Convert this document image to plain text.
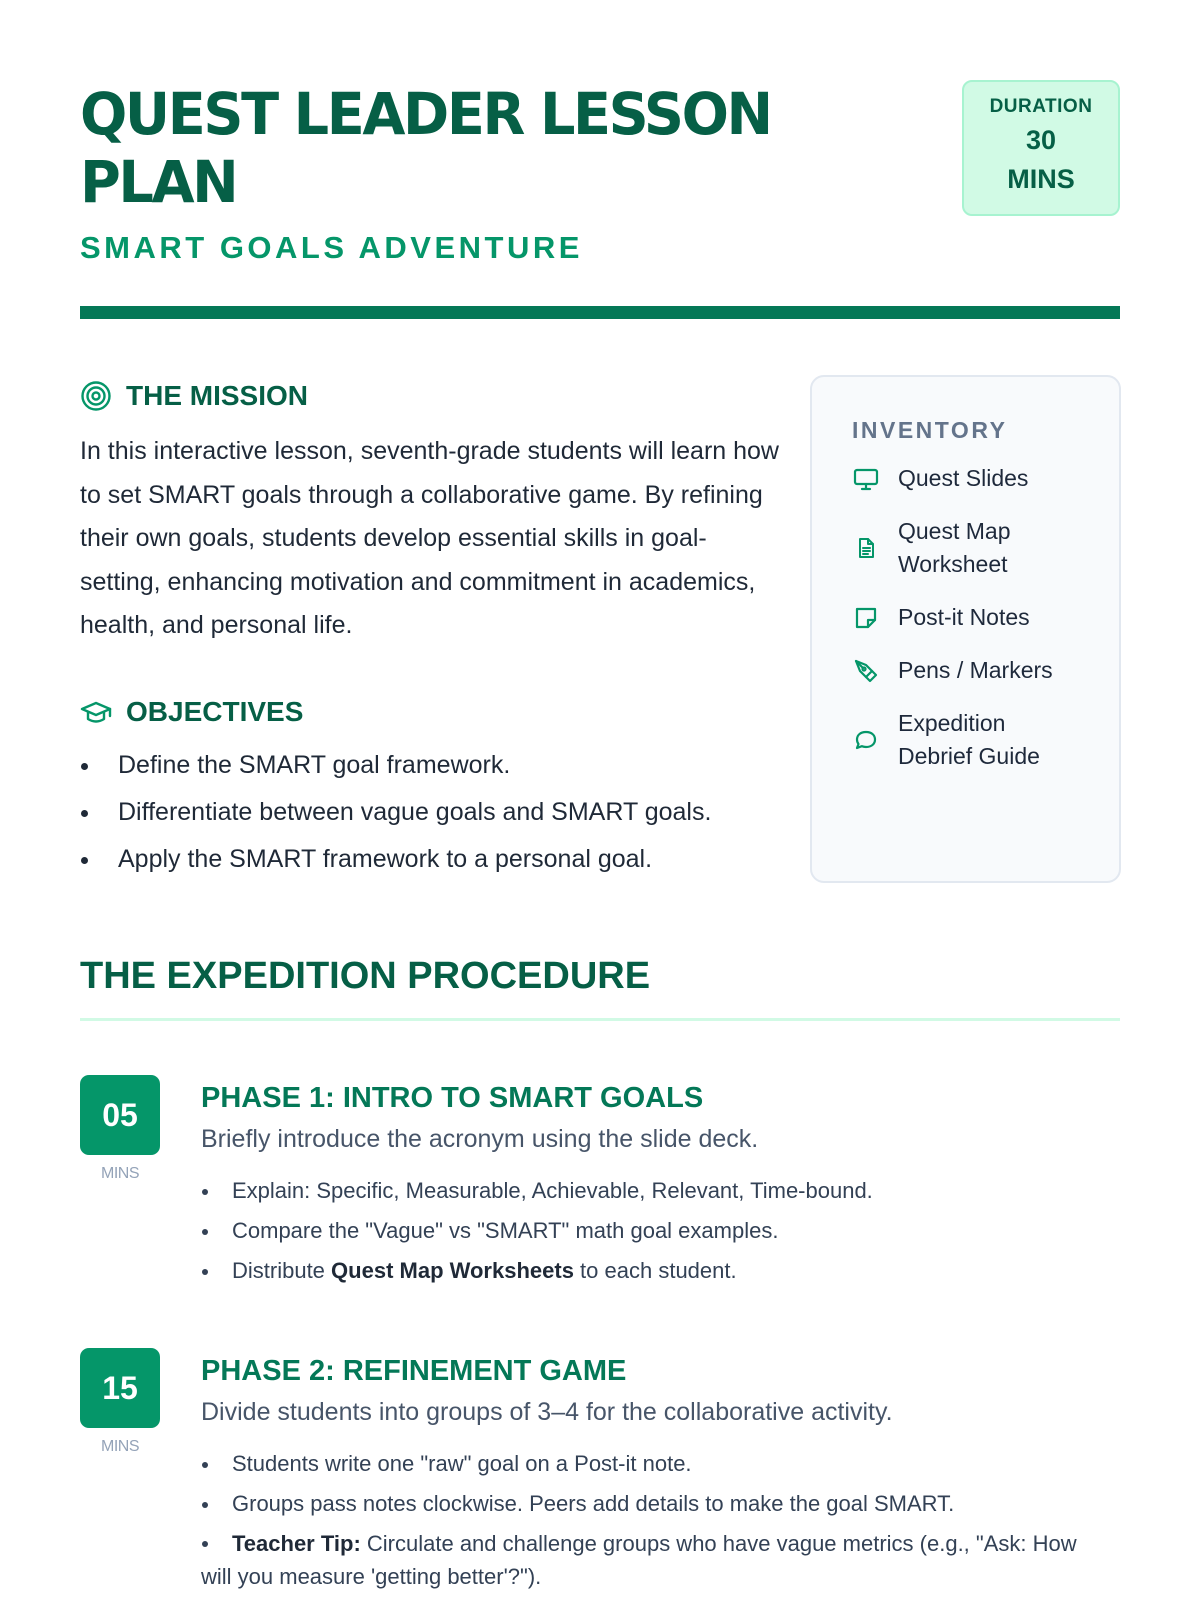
QUEST LEADER LESSON PLAN
SMART GOALS ADVENTURE
DURATION
30
MINS
THE MISSION

In this interactive lesson, seventh-grade students will learn how to set SMART goals through a collaborative game. By refining their own goals, students develop essential skills in goal-setting, enhancing motivation and commitment in academics, health, and personal life.

OBJECTIVES
Define the SMART goal framework.
Differentiate between vague goals and SMART goals.
Apply the SMART framework to a personal goal.
INVENTORY
Quest Slides
Quest Map Worksheet
Post-it Notes
Pens / Markers
Expedition Debrief Guide
THE EXPEDITION PROCEDURE
05
MINS
PHASE 1: INTRO TO SMART GOALS

Briefly introduce the acronym using the slide deck.

Explain: Specific, Measurable, Achievable, Relevant, Time-bound.
Compare the "Vague" vs "SMART" math goal examples.
Distribute Quest Map Worksheets to each student.
15
MINS
PHASE 2: REFINEMENT GAME

Divide students into groups of 3–4 for the collaborative activity.

Students write one "raw" goal on a Post-it note.
Groups pass notes clockwise. Peers add details to make the goal SMART.
Teacher Tip: Circulate and challenge groups who have vague metrics (e.g., "Ask: How
will you measure 'getting better'?").
